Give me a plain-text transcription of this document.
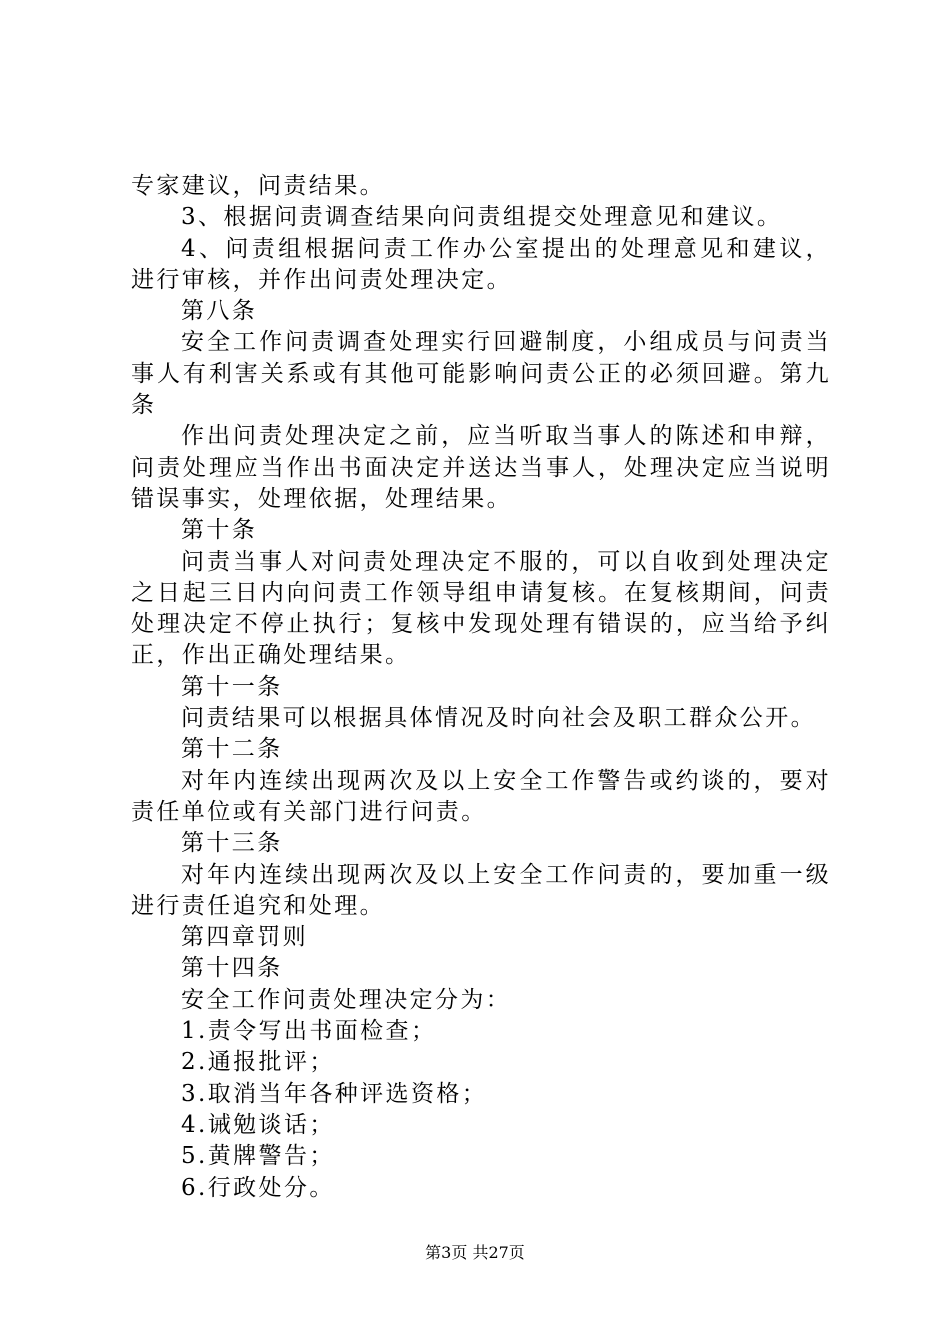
专家建议，问责结果。

3、根据问责调查结果向问责组提交处理意见和建议。

4、问责组根据问责工作办公室提出的处理意见和建议，进行审核，并作出问责处理决定。

第八条

安全工作问责调查处理实行回避制度，小组成员与问责当事人有利害关系或有其他可能影响问责公正的必须回避。第九条

作出问责处理决定之前，应当听取当事人的陈述和申辩，问责处理应当作出书面决定并送达当事人，处理决定应当说明错误事实，处理依据，处理结果。

第十条

问责当事人对问责处理决定不服的，可以自收到处理决定之日起三日内向问责工作领导组申请复核。在复核期间，问责处理决定不停止执行；复核中发现处理有错误的，应当给予纠正，作出正确处理结果。

第十一条

问责结果可以根据具体情况及时向社会及职工群众公开。

第十二条

对年内连续出现两次及以上安全工作警告或约谈的，要对责任单位或有关部门进行问责。

第十三条

对年内连续出现两次及以上安全工作问责的，要加重一级进行责任追究和处理。

第四章罚则

第十四条

安全工作问责处理决定分为：

1.责令写出书面检查；

2.通报批评；

3.取消当年各种评选资格；

4.诫勉谈话；

5.黄牌警告；

6.行政处分。

第3页 共27页
